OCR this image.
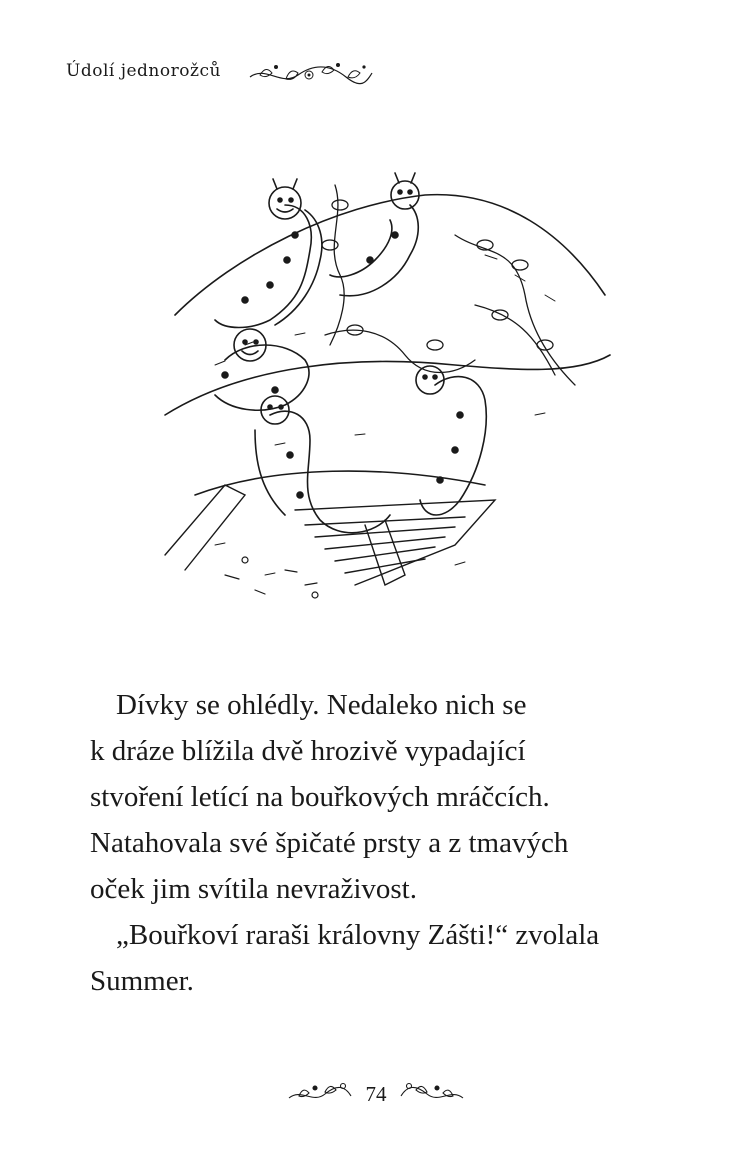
Údolí jednorožců

Dívky se ohlédly. Nedaleko nich se

k dráze blížila dvě hrozivě vypadající

stvoření letící na bouřkových mráčcích.

Natahovala své špičaté prsty a z tmavých

oček jim svítila nevraživost.

„Bouřkoví raraši královny Zášti!“ zvolala

Summer.

74
